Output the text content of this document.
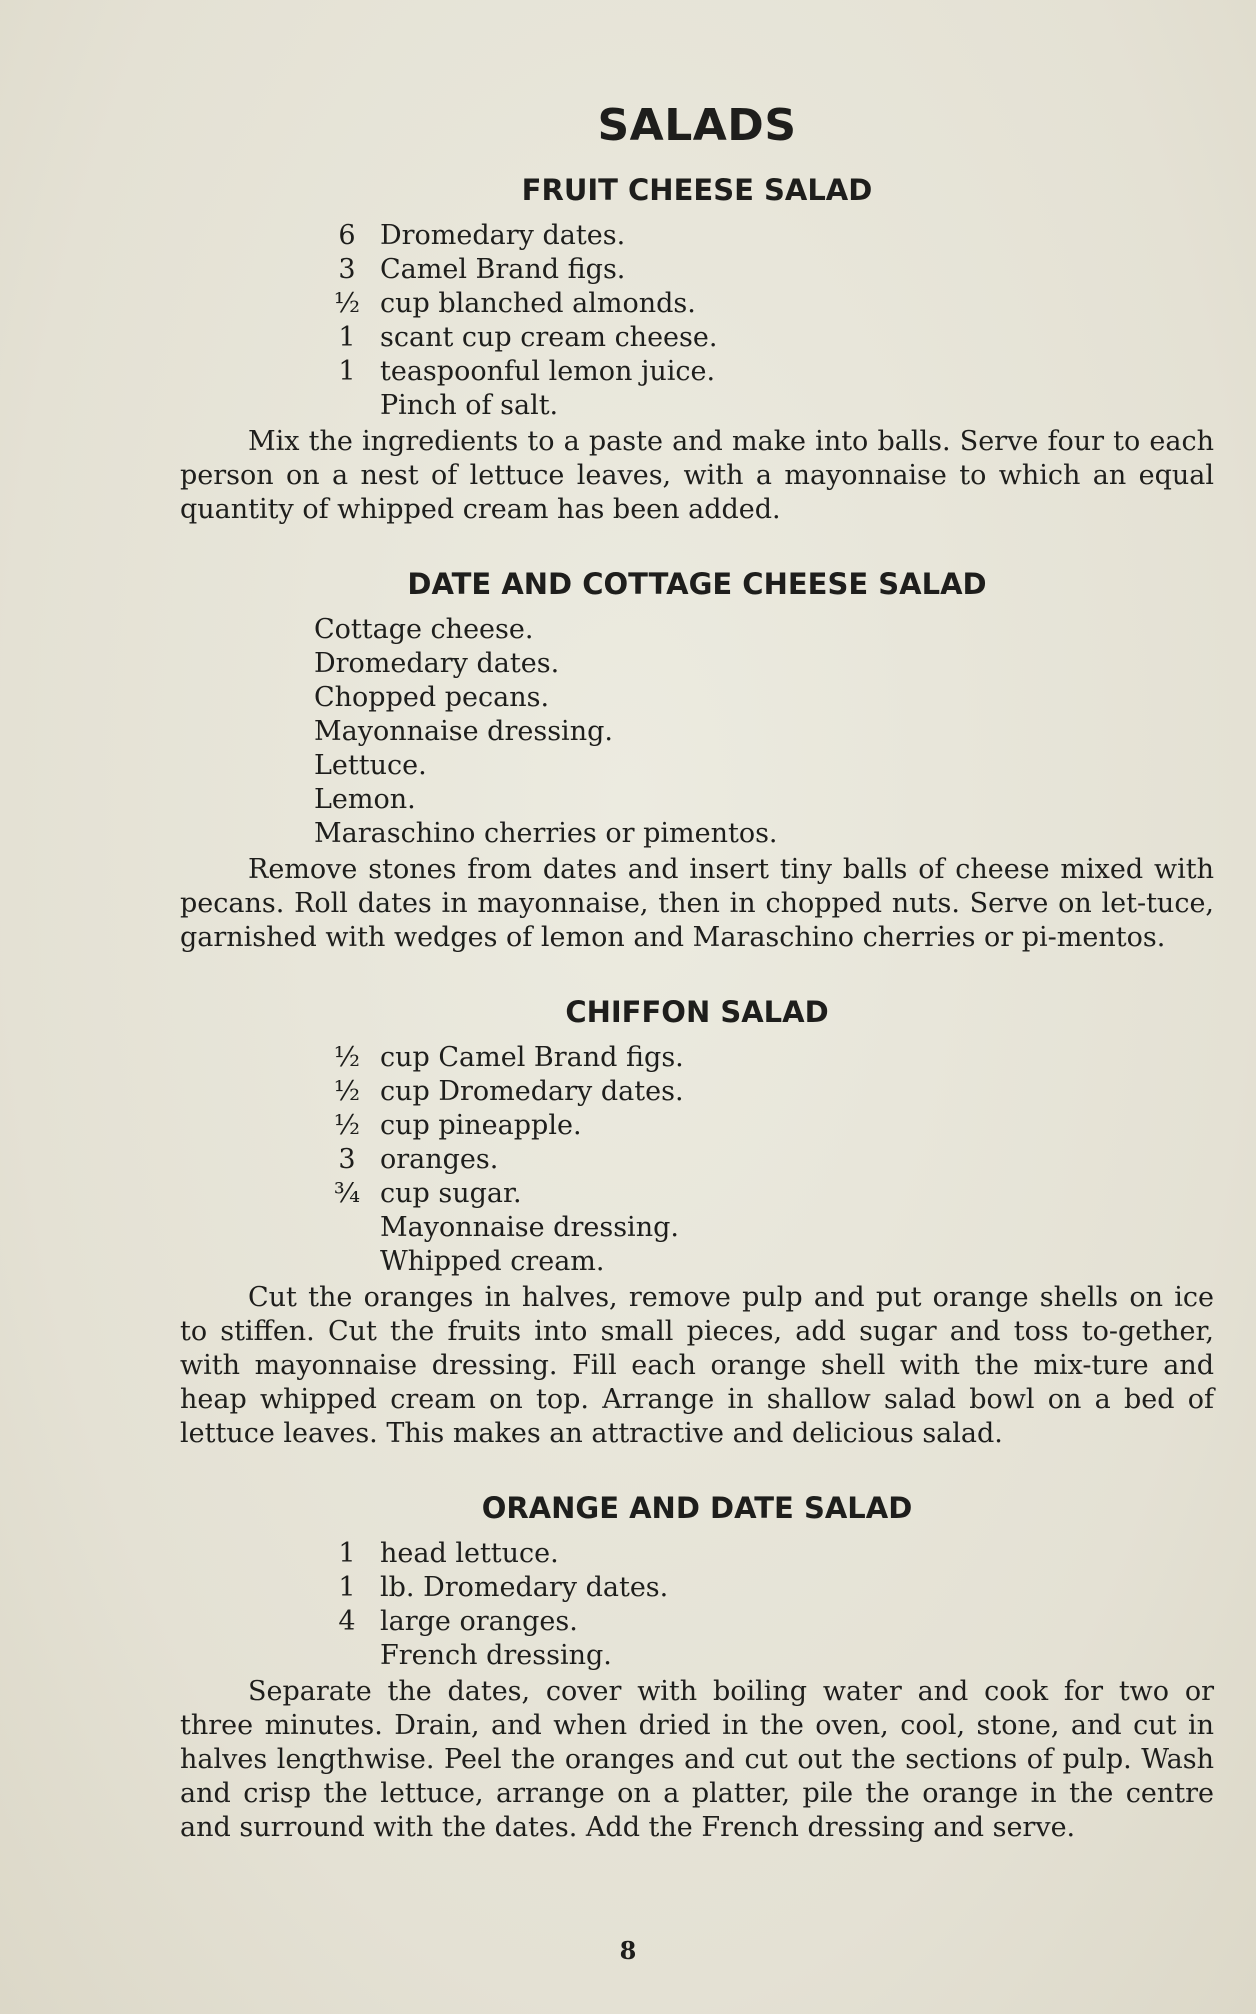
SALADS
FRUIT CHEESE SALAD
6 Dromedary dates.
3 Camel Brand figs.
½ cup blanched almonds.
1 scant cup cream cheese.
1 teaspoonful lemon juice.
Pinch of salt.

Mix the ingredients to a paste and make into balls. Serve four to each person on a nest of lettuce leaves, with a mayonnaise to which an equal quantity of whipped cream has been added.

DATE AND COTTAGE CHEESE SALAD
Cottage cheese.
Dromedary dates.
Chopped pecans.
Mayonnaise dressing.
Lettuce.
Lemon.
Maraschino cherries or pimentos.

Remove stones from dates and insert tiny balls of cheese mixed with pecans. Roll dates in mayonnaise, then in chopped nuts. Serve on let-tuce, garnished with wedges of lemon and Maraschino cherries or pi-mentos.

CHIFFON SALAD
½ cup Camel Brand figs.
½ cup Dromedary dates.
½ cup pineapple.
3 oranges.
¾ cup sugar.
Mayonnaise dressing.
Whipped cream.

Cut the oranges in halves, remove pulp and put orange shells on ice to stiffen. Cut the fruits into small pieces, add sugar and toss to-gether, with mayonnaise dressing. Fill each orange shell with the mix-ture and heap whipped cream on top. Arrange in shallow salad bowl on a bed of lettuce leaves. This makes an attractive and delicious salad.

ORANGE AND DATE SALAD
1 head lettuce.
1 lb. Dromedary dates.
4 large oranges.
French dressing.

Separate the dates, cover with boiling water and cook for two or three minutes. Drain, and when dried in the oven, cool, stone, and cut in halves lengthwise. Peel the oranges and cut out the sections of pulp. Wash and crisp the lettuce, arrange on a platter, pile the orange in the centre and surround with the dates. Add the French dressing and serve.

8
